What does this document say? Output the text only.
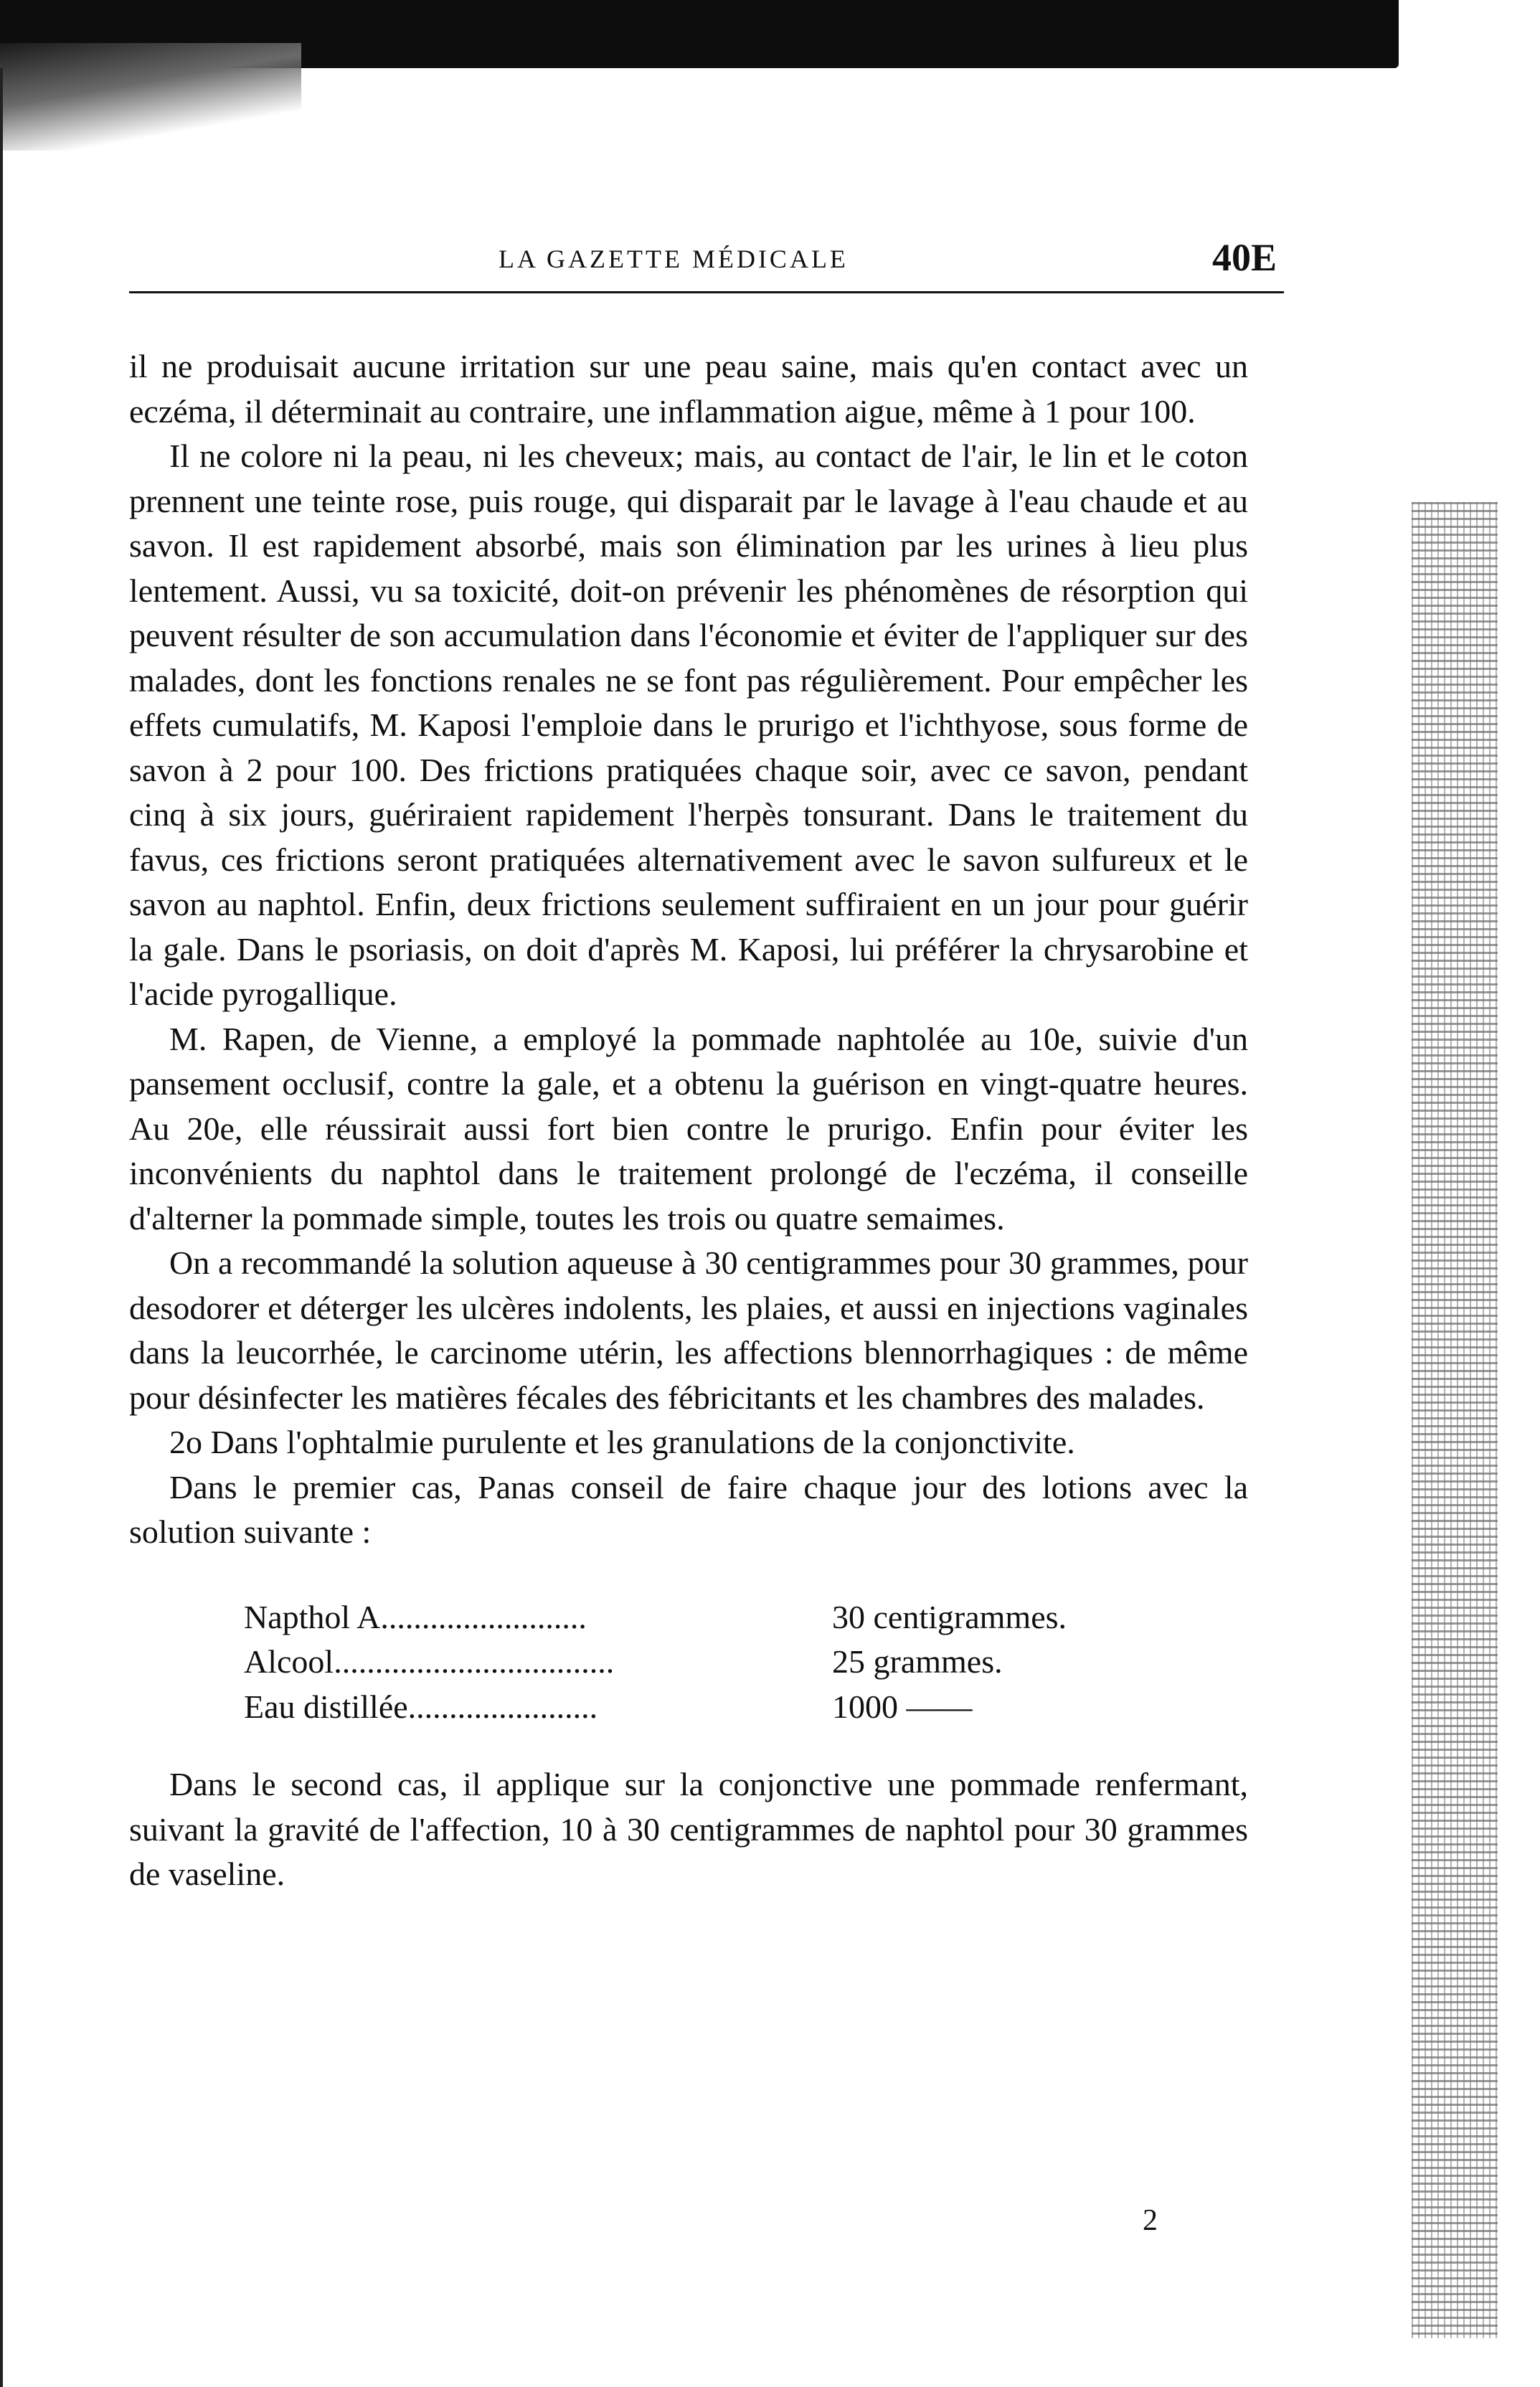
LA GAZETTE MÉDICALE	40E

il ne produisait aucune irritation sur une peau saine, mais qu'en contact avec un eczéma, il déterminait au contraire, une inflammation aigue, même à 1 pour 100.

Il ne colore ni la peau, ni les cheveux; mais, au contact de l'air, le lin et le coton prennent une teinte rose, puis rouge, qui disparait par le lavage à l'eau chaude et au savon. Il est rapidement absorbé, mais son élimination par les urines à lieu plus lentement. Aussi, vu sa toxicité, doit-on prévenir les phénomènes de résorption qui peuvent résulter de son accumulation dans l'économie et éviter de l'appliquer sur des malades, dont les fonctions renales ne se font pas régulièrement. Pour empêcher les effets cumulatifs, M. Kaposi l'emploie dans le prurigo et l'ichthyose, sous forme de savon à 2 pour 100. Des frictions pratiquées chaque soir, avec ce savon, pendant cinq à six jours, guériraient rapidement l'herpès tonsurant. Dans le traitement du favus, ces frictions seront pratiquées alternativement avec le savon sulfureux et le savon au naphtol. Enfin, deux frictions seulement suffiraient en un jour pour guérir la gale. Dans le psoriasis, on doit d'après M. Kaposi, lui préférer la chrysarobine et l'acide pyrogallique.

M. Rapen, de Vienne, a employé la pommade naphtolée au 10e, suivie d'un pansement occlusif, contre la gale, et a obtenu la guérison en vingt-quatre heures. Au 20e, elle réussirait aussi fort bien contre le prurigo. Enfin pour éviter les inconvénients du naphtol dans le traitement prolongé de l'eczéma, il conseille d'alterner la pommade simple, toutes les trois ou quatre semaimes.

On a recommandé la solution aqueuse à 30 centigrammes pour 30 grammes, pour desodorer et déterger les ulcères indolents, les plaies, et aussi en injections vaginales dans la leucorrhée, le carcinome utérin, les affections blennorrhagiques : de même pour désinfecter les matières fécales des fébricitants et les chambres des malades.

2o Dans l'ophtalmie purulente et les granulations de la conjonctivite.

Dans le premier cas, Panas conseil de faire chaque jour des lotions avec la solution suivante :

Napthol A.........................	30 centigrammes.
Alcool..................................	25 grammes.
Eau distillée.......................	1000 ——

Dans le second cas, il applique sur la conjonctive une pommade renfermant, suivant la gravité de l'affection, 10 à 30 centigrammes de naphtol pour 30 grammes de vaseline.

2
